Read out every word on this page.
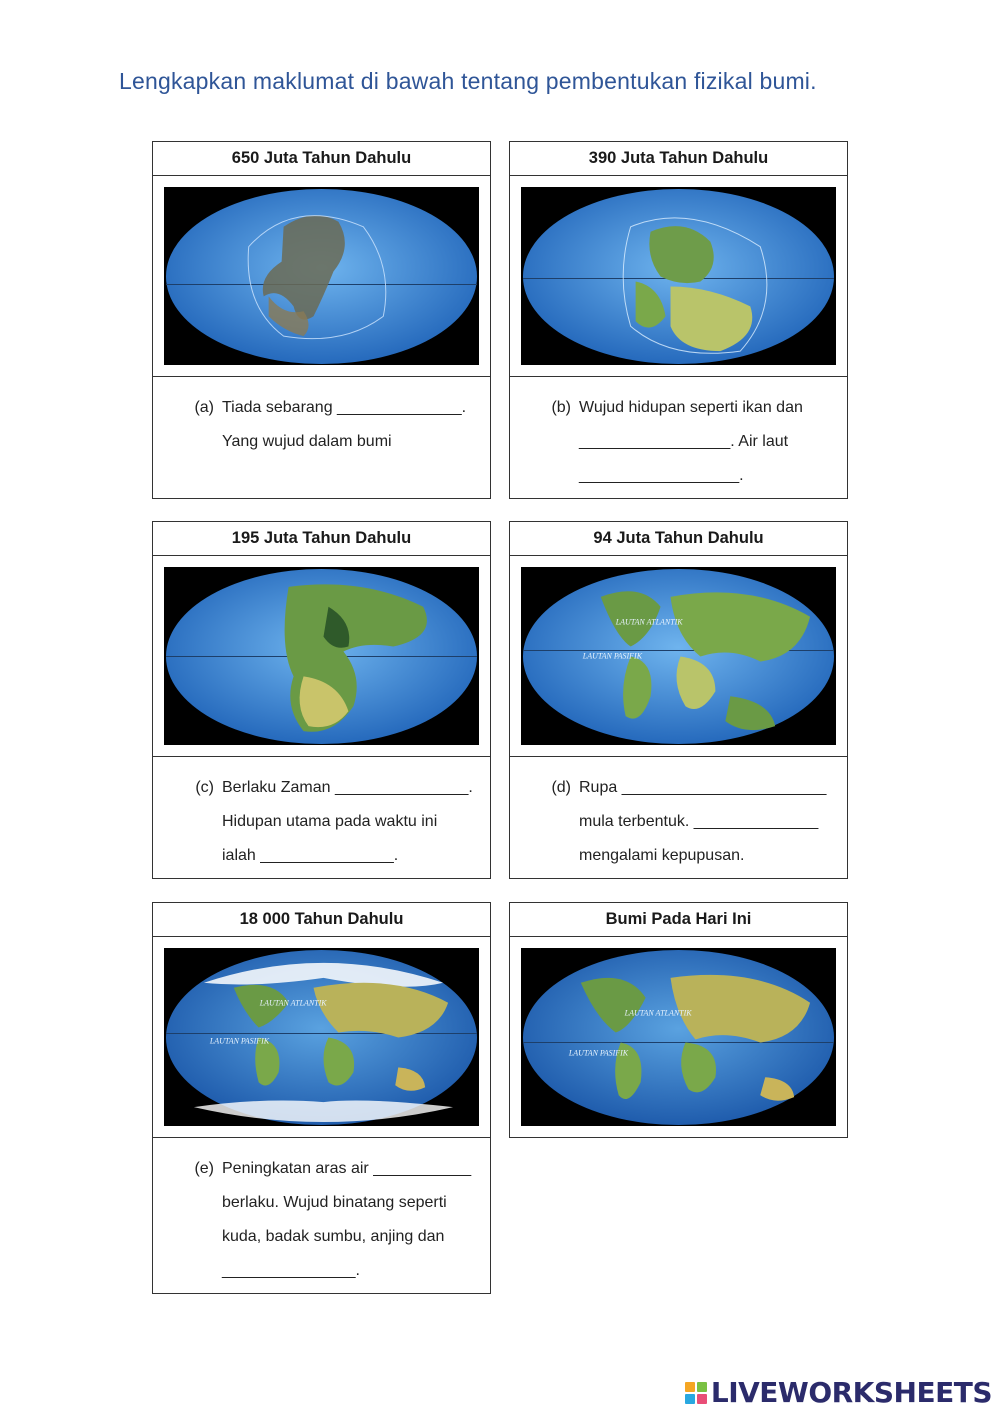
Lengkapkan maklumat di bawah tentang pembentukan fizikal bumi.
650 Juta Tahun Dahulu
(a) Tiada sebarang ______________.
Yang wujud dalam bumi
390 Juta Tahun Dahulu
(b) Wujud hidupan seperti ikan dan
_________________. Air laut
__________________.
195 Juta Tahun Dahulu
(c) Berlaku Zaman _______________.
Hidupan utama pada waktu ini
ialah _______________.
94 Juta Tahun Dahulu
LAUTAN ATLANTIK
LAUTAN PASIFIK
(d) Rupa _______________________
mula terbentuk. ______________
mengalami kepupusan.
18 000 Tahun Dahulu
LAUTAN ATLANTIK
LAUTAN PASIFIK
(e) Peningkatan aras air ___________
berlaku. Wujud binatang seperti
kuda, badak sumbu, anjing dan
_______________.
Bumi Pada Hari Ini
LAUTAN ATLANTIK
LAUTAN PASIFIK
LIVEWORKSHEETS
